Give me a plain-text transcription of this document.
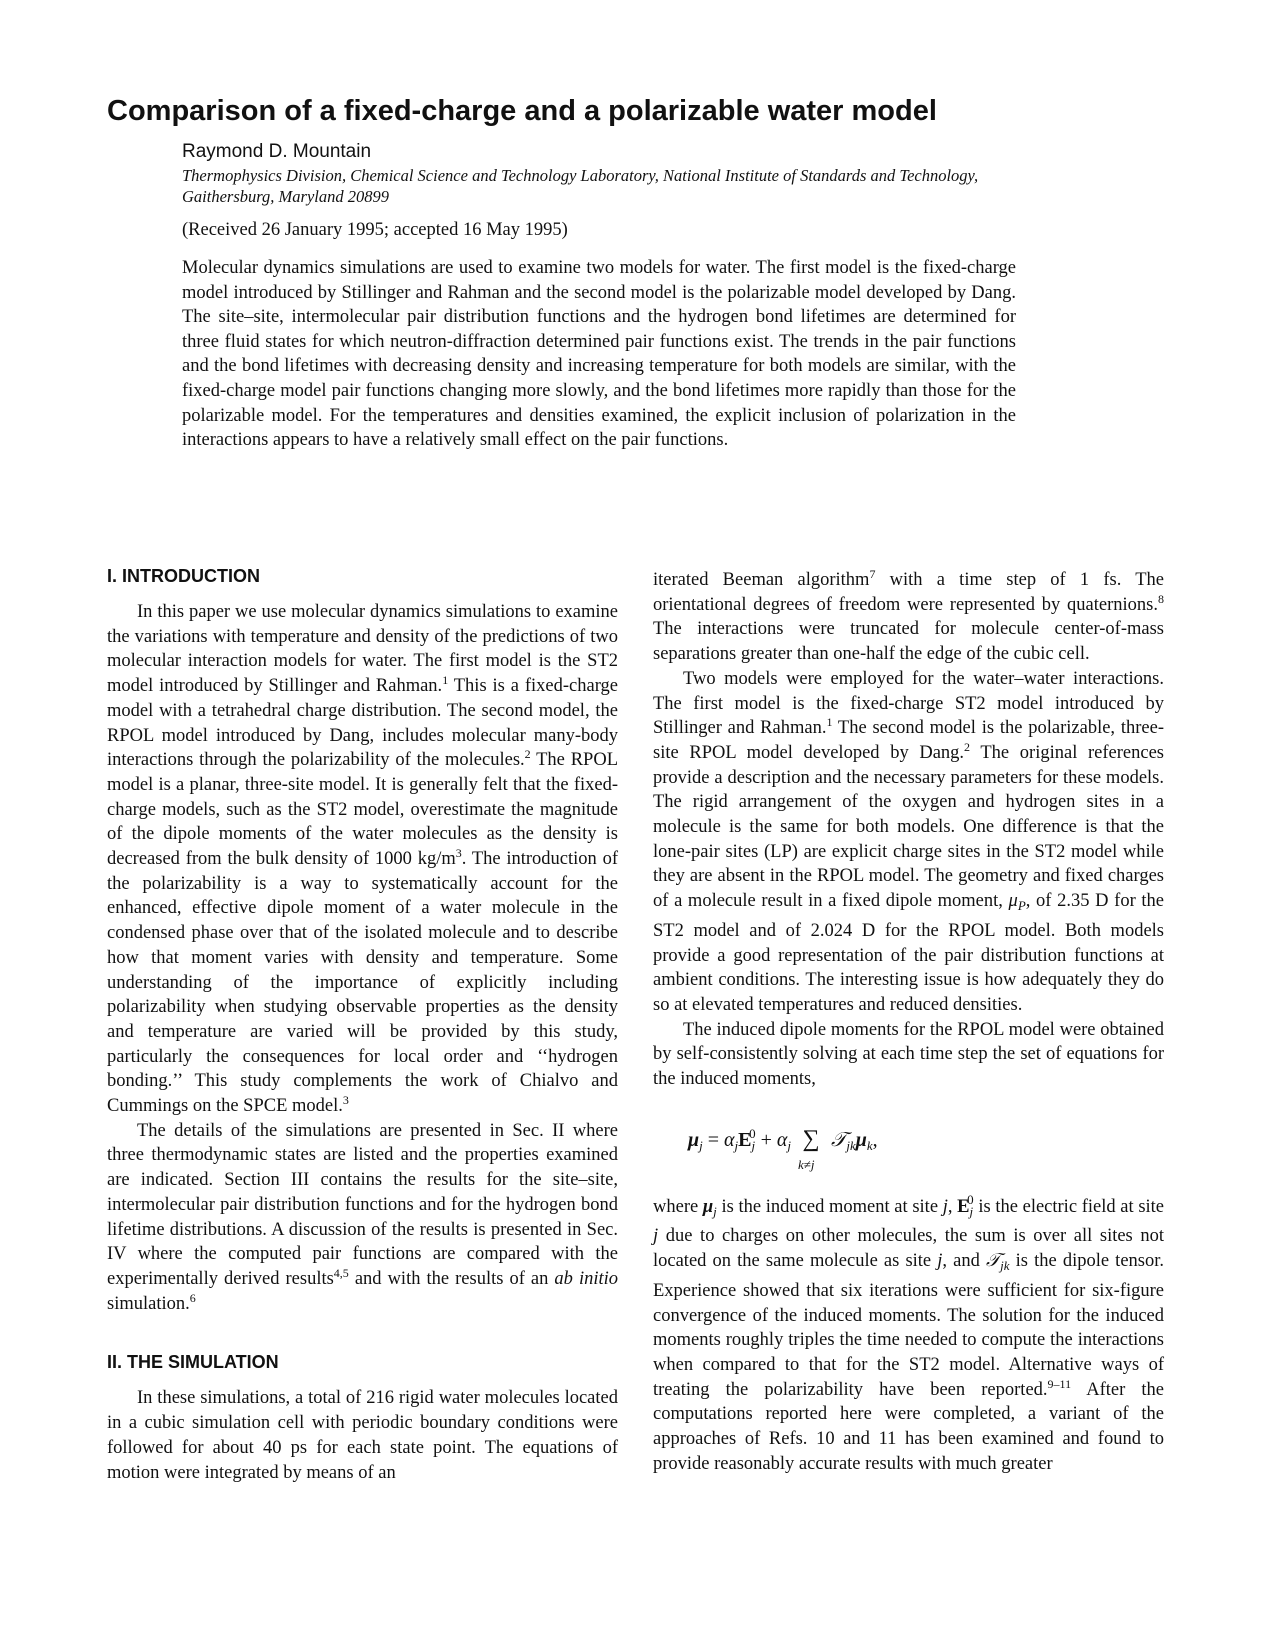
Comparison of a fixed-charge and a polarizable water model
Raymond D. Mountain
Thermophysics Division, Chemical Science and Technology Laboratory, National Institute of Standards and Technology, Gaithersburg, Maryland 20899
(Received 26 January 1995; accepted 16 May 1995)

Molecular dynamics simulations are used to examine two models for water. The first model is the fixed-charge model introduced by Stillinger and Rahman and the second model is the polarizable model developed by Dang. The site–site, intermolecular pair distribution functions and the hydrogen bond lifetimes are determined for three fluid states for which neutron-diffraction determined pair functions exist. The trends in the pair functions and the bond lifetimes with decreasing density and increasing temperature for both models are similar, with the fixed-charge model pair functions changing more slowly, and the bond lifetimes more rapidly than those for the polarizable model. For the temperatures and densities examined, the explicit inclusion of polarization in the interactions appears to have a relatively small effect on the pair functions.

I. INTRODUCTION

In this paper we use molecular dynamics simulations to examine the variations with temperature and density of the predictions of two molecular interaction models for water. The first model is the ST2 model introduced by Stillinger and Rahman.$^1$ This is a fixed-charge model with a tetrahedral charge distribution. The second model, the RPOL model introduced by Dang, includes molecular many-body interactions through the polarizability of the molecules.$^2$ The RPOL model is a planar, three-site model. It is generally felt that the fixed-charge models, such as the ST2 model, overestimate the magnitude of the dipole moments of the water molecules as the density is decreased from the bulk density of 1000 $kg/m^3$. The introduction of the polarizability is a way to systematically account for the enhanced, effective dipole moment of a water molecule in the condensed phase over that of the isolated molecule and to describe how that moment varies with density and temperature. Some understanding of the importance of explicitly including polarizability when studying observable properties as the density and temperature are varied will be provided by this study, particularly the consequences for local order and ‘‘hydrogen bonding.’’ This study complements the work of Chialvo and Cummings on the SPCE model.$^3$

The details of the simulations are presented in Sec. II where three thermodynamic states are listed and the properties examined are indicated. Section III contains the results for the site–site, intermolecular pair distribution functions and for the hydrogen bond lifetime distributions. A discussion of the results is presented in Sec. IV where the computed pair functions are compared with the experimentally derived results$^{4,5}$ and with the results of an ab initio simulation.$^6$

II. THE SIMULATION

In these simulations, a total of 216 rigid water molecules located in a cubic simulation cell with periodic boundary conditions were followed for about 40 ps for each state point. The equations of motion were integrated by means of an

iterated Beeman algorithm$^7$ with a time step of 1 fs. The orientational degrees of freedom were represented by quaternions.$^8$ The interactions were truncated for molecule center-of-mass separations greater than one-half the edge of the cubic cell.

Two models were employed for the water–water interactions. The first model is the fixed-charge ST2 model introduced by Stillinger and Rahman.$^1$ The second model is the polarizable, three-site RPOL model developed by Dang.$^2$ The original references provide a description and the necessary parameters for these models. The rigid arrangement of the oxygen and hydrogen sites in a molecule is the same for both models. One difference is that the lone-pair sites (LP) are explicit charge sites in the ST2 model while they are absent in the RPOL model. The geometry and fixed charges of a molecule result in a fixed dipole moment, $\mu_P$, of 2.35 D for the ST2 model and of 2.024 D for the RPOL model. Both models provide a good representation of the pair distribution functions at ambient conditions. The interesting issue is how adequately they do so at elevated temperatures and reduced densities.

The induced dipole moments for the RPOL model were obtained by self-consistently solving at each time step the set of equations for the induced moments,

$\mu_j = \alpha_jE_j^0 + \alpha_j$ ∑
k≠j
$𝒯_{jk}\mu_k$,

where $\mu_j$ is the induced moment at site j, $E_j^0$ is the electric field at site j due to charges on other molecules, the sum is over all sites not located on the same molecule as site j, and 𝒯$_{jk}$ is the dipole tensor. Experience showed that six iterations were sufficient for six-figure convergence of the induced moments. The solution for the induced moments roughly triples the time needed to compute the interactions when compared to that for the ST2 model. Alternative ways of treating the polarizability have been reported.$^{9-11}$ After the computations reported here were completed, a variant of the approaches of Refs. 10 and 11 has been examined and found to provide reasonably accurate results with much greater
